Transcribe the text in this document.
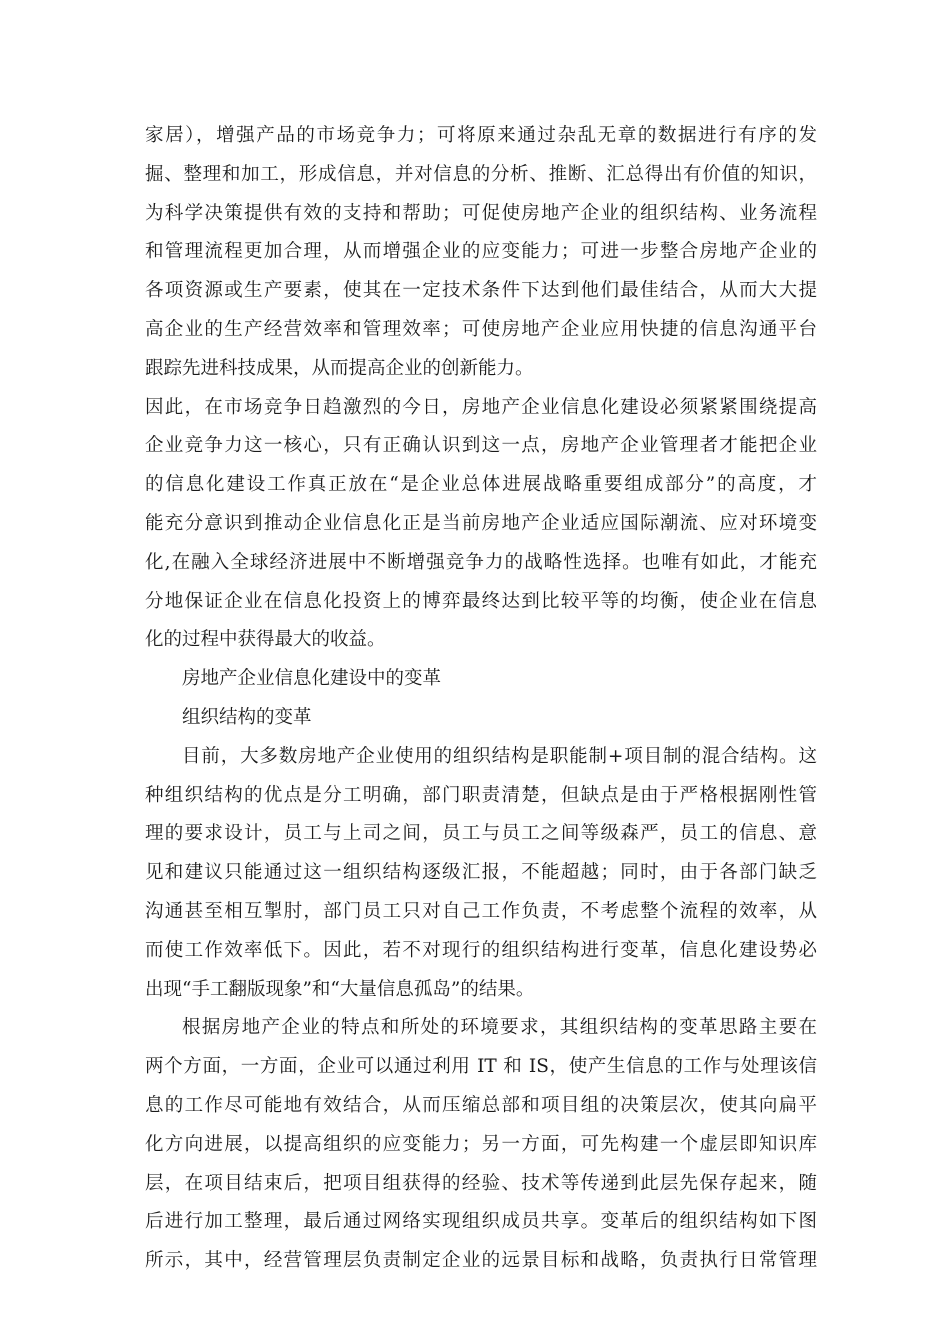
家居），增强产品的市场竞争力；可将原来通过杂乱无章的数据进行有序的发
掘、整理和加工，形成信息，并对信息的分析、推断、汇总得出有价值的知识，
为科学决策提供有效的支持和帮助；可促使房地产企业的组织结构、业务流程
和管理流程更加合理，从而增强企业的应变能力；可进一步整合房地产企业的
各项资源或生产要素，使其在一定技术条件下达到他们最佳结合，从而大大提
高企业的生产经营效率和管理效率；可使房地产企业应用快捷的信息沟通平台
跟踪先进科技成果，从而提高企业的创新能力。
因此，在市场竞争日趋激烈的今日，房地产企业信息化建设必须紧紧围绕提高
企业竞争力这一核心，只有正确认识到这一点，房地产企业管理者才能把企业
的信息化建设工作真正放在“是企业总体进展战略重要组成部分”的高度，才
能充分意识到推动企业信息化正是当前房地产企业适应国际潮流、应对环境变
化,在融入全球经济进展中不断增强竞争力的战略性选择。也唯有如此，才能充
分地保证企业在信息化投资上的博弈最终达到比较平等的均衡，使企业在信息
化的过程中获得最大的收益。
房地产企业信息化建设中的变革
组织结构的变革
目前，大多数房地产企业使用的组织结构是职能制+项目制的混合结构。这
种组织结构的优点是分工明确，部门职责清楚，但缺点是由于严格根据刚性管
理的要求设计，员工与上司之间，员工与员工之间等级森严，员工的信息、意
见和建议只能通过这一组织结构逐级汇报，不能超越；同时，由于各部门缺乏
沟通甚至相互掣肘，部门员工只对自己工作负责，不考虑整个流程的效率，从
而使工作效率低下。因此，若不对现行的组织结构进行变革，信息化建设势必
出现“手工翻版现象”和“大量信息孤岛”的结果。
根据房地产企业的特点和所处的环境要求，其组织结构的变革思路主要在
两个方面，一方面，企业可以通过利用 IT 和 IS，使产生信息的工作与处理该信
息的工作尽可能地有效结合，从而压缩总部和项目组的决策层次，使其向扁平
化方向进展，以提高组织的应变能力；另一方面，可先构建一个虚层即知识库
层，在项目结束后，把项目组获得的经验、技术等传递到此层先保存起来，随
后进行加工整理，最后通过网络实现组织成员共享。变革后的组织结构如下图
所示，其中，经营管理层负责制定企业的远景目标和战略，负责执行日常管理
